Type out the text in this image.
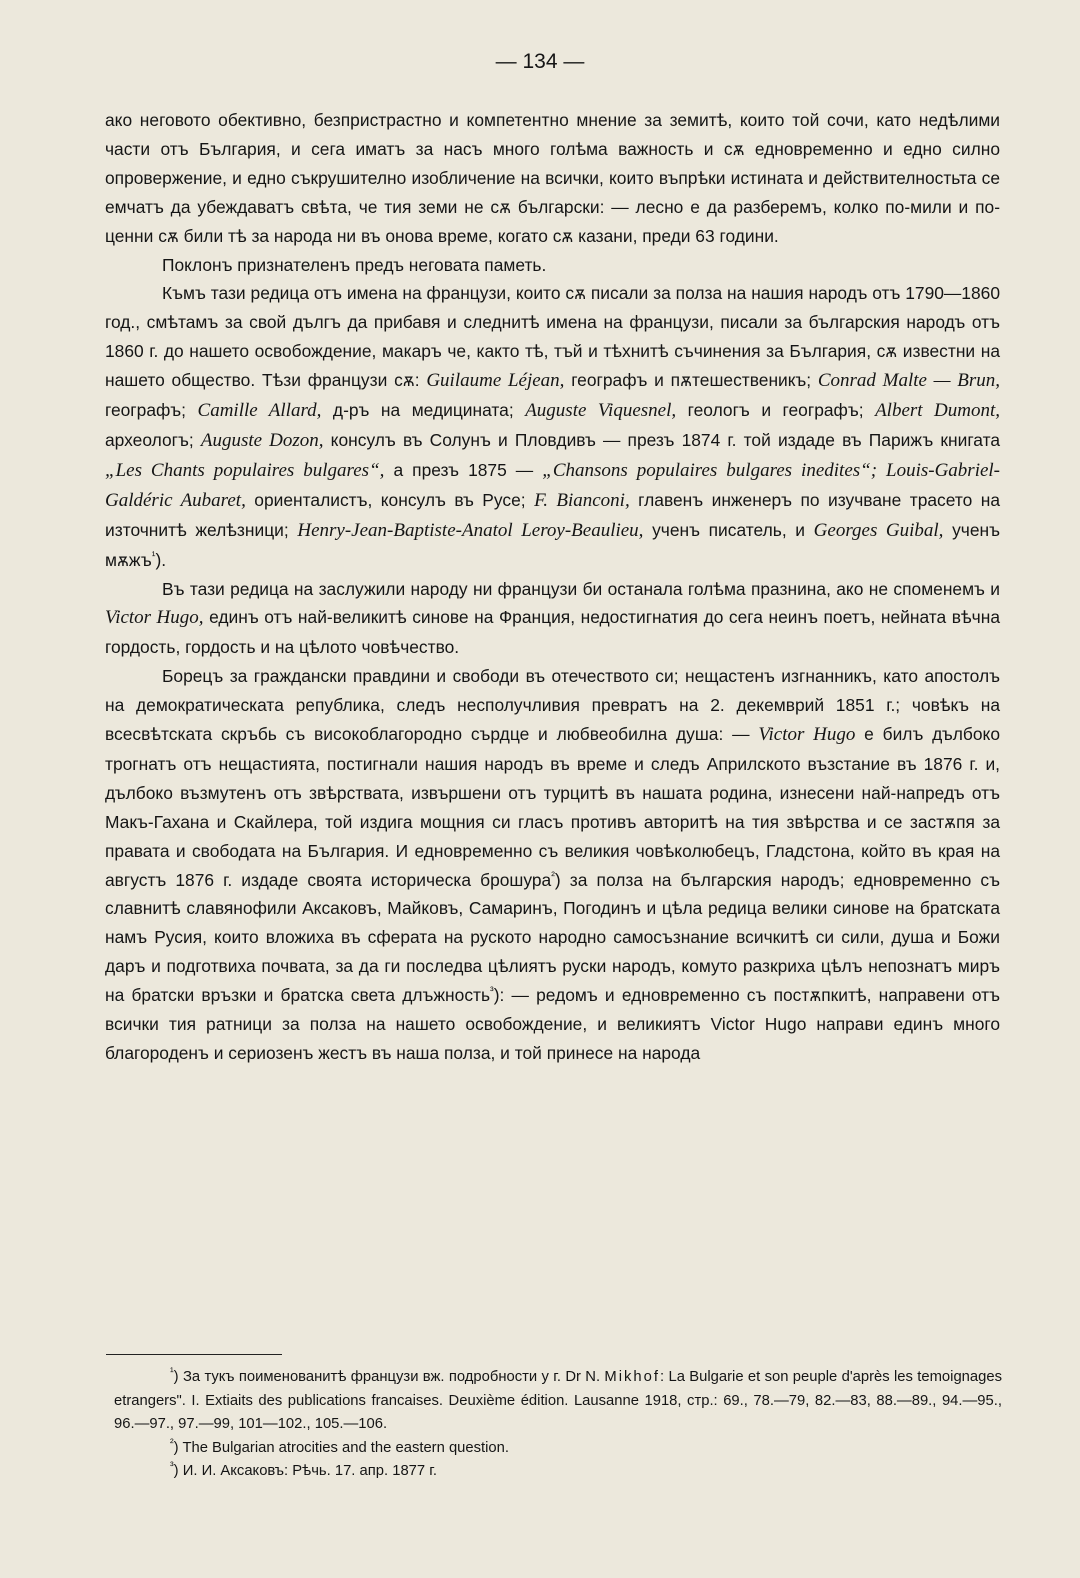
— 134 —

ако неговото обективно, безпристрастно и компетентно мнение за земитѣ, които той сочи, като недѣлими части отъ България, и сега иматъ за насъ много голѣма важность и сѫ едновременно и едно силно опровержение, и едно съкрушително изобличение на всички, които въпрѣки истината и действителностьта се емчатъ да убеждаватъ свѣта, че тия земи не сѫ български: — лесно е да разберемъ, колко по-мили и по-ценни сѫ били тѣ за народа ни въ онова време, когато сѫ казани, преди 63 години.

Поклонъ признателенъ предъ неговата паметь.

Къмъ тази редица отъ имена на французи, които сѫ писали за полза на нашия народъ отъ 1790—1860 год., смѣтамъ за свой дългъ да прибавя и следнитѣ имена на французи, писали за българския народъ отъ 1860 г. до нашето освобождение, макаръ че, както тѣ, тъй и тѣхнитѣ съчинения за България, сѫ известни на нашето общество. Тѣзи французи сѫ: Guilaume Léjean, географъ и пѫтешественикъ; Conrad Malte — Brun, географъ; Camille Allard, д-ръ на медицината; Auguste Viquesnel, геологъ и географъ; Albert Dumont, археологъ; Auguste Dozon, консулъ въ Солунъ и Пловдивъ — презъ 1874 г. той издаде въ Парижъ книгата „Les Chants populaires bulgares“, а презъ 1875 — „Chansons populaires bulgares inedites“; Louis-Gabriel-Galdéric Aubaret, ориенталистъ, консулъ въ Русе; F. Bianconi, главенъ инженеръ по изучване трасето на източнитѣ желѣзници; Henry-Jean-Baptiste-Anatol Leroy-Beaulieu, ученъ писатель, и Georges Guibal, ученъ мѫжъ$^{^1}$).

Въ тази редица на заслужили народу ни французи би останала голѣма празнина, ако не споменемъ и Victor Hugo, единъ отъ най-великитѣ синове на Франция, недостигнатия до сега неинъ поетъ, нейната вѣчна гордость, гордость и на цѣлото човѣчество.

Борецъ за граждански правдини и свободи въ отечеството си; нещастенъ изгнанникъ, като апостолъ на демократическата република, следъ несполучливия превратъ на 2. декемврий 1851 г.; човѣкъ на всесвѣтската скръбь съ високоблагородно сърдце и любвеобилна душа: — Victor Hugo е билъ дълбоко трогнатъ отъ нещастията, постигнали нашия народъ въ време и следъ Априлското възстание въ 1876 г. и, дълбоко възмутенъ отъ звѣрствата, извършени отъ турцитѣ въ нашата родина, изнесени най-напредъ отъ Макъ-Гахана и Скайлера, той издига мощния си гласъ противъ авторитѣ на тия звѣрства и се застѫпя за правата и свободата на България. И едновременно съ великия човѣколюбецъ, Гладстона, който въ края на августъ 1876 г. издаде своята историческа брошура$^{^2}$) за полза на българския народъ; едновременно съ славнитѣ славянофили Аксаковъ, Майковъ, Самаринъ, Погодинъ и цѣла редица велики синове на братската намъ Русия, които вложиха въ сферата на руското народно самосъзнание всичкитѣ си сили, душа и Божи даръ и подготвиха почвата, за да ги последва цѣлиятъ руски народъ, комуто разкриха цѣлъ непознатъ миръ на братски връзки и братска света длъжность$^{^3}$): — редомъ и едновременно съ постѫпкитѣ, направени отъ всички тия ратници за полза на нашето освобождение, и великиятъ Victor Hugo направи единъ много благороденъ и сериозенъ жестъ въ наша полза, и той принесе на народа

$^{^1}$) За тукъ поименованитѣ французи вж. подробности у г. Dr N. Mikhof: La Bulgarie et son peuple d'après les temoignages etrangers". I. Extiaits des publications francaises. Deuxième édition. Lausanne 1918, стр.: 69., 78.—79, 82.—83, 88.—89., 94.—95., 96.—97., 97.—99, 101—102., 105.—106.

$^{^2}$) The Bulgarian atrocities and the eastern question.

$^{^3}$) И. И. Аксаковъ: Рѣчь. 17. апр. 1877 г.
